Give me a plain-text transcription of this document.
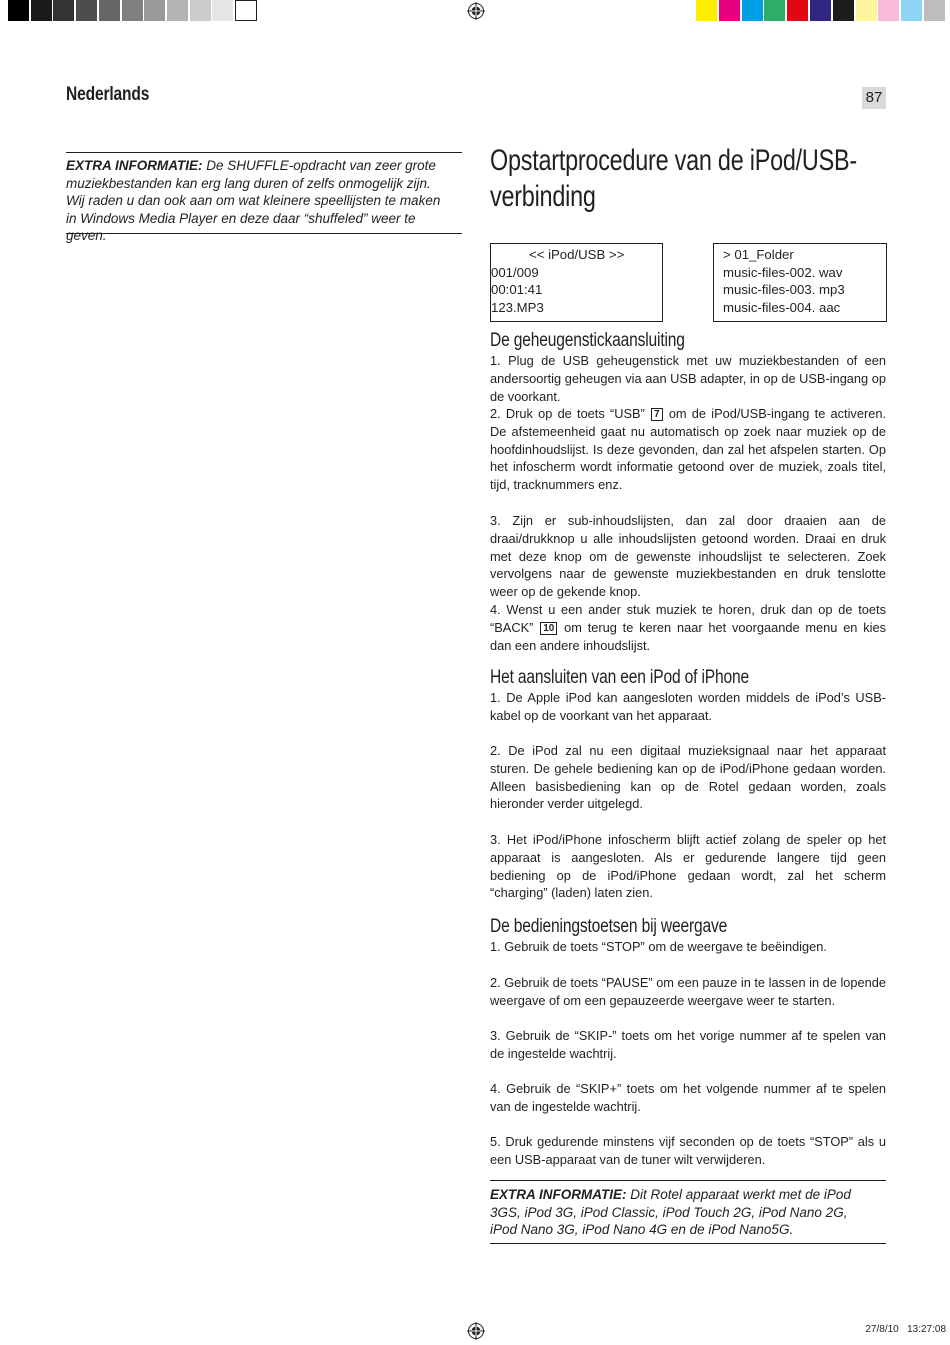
Nederlands	87
EXTRA INFORMATIE: De SHUFFLE-opdracht van zeer grote muziekbestanden kan erg lang duren of zelfs onmogelijk zijn. Wij raden u dan ook aan om wat kleinere speellijsten te maken in Windows Media Player en deze daar “shuffeled” weer te geven.
Opstartprocedure van de iPod/USB-verbinding
<< iPod/USB >>
001/009
00:01:41
123.MP3
> 01_Folder
music-files-002. wav
music-files-003. mp3
music-files-004. aac
De geheugenstickaansluiting

1. Plug de USB geheugenstick met uw muziekbestanden of een andersoortig geheugen via aan USB adapter, in op de USB-ingang op de voorkant.

2. Druk op de toets “USB” 7 om de iPod/USB-ingang te activeren. De afstemeenheid gaat nu automatisch op zoek naar muziek op de hoofdinhoudslijst. Is deze gevonden, dan zal het afspelen starten. Op het infoscherm wordt informatie getoond over de muziek, zoals titel, tijd, tracknummers enz.

3. Zijn er sub-inhoudslijsten, dan zal door draaien aan de draai/drukknop u alle inhoudslijsten getoond worden. Draai en druk met deze knop om de gewenste inhoudslijst te selecteren. Zoek vervolgens naar de gewenste muziekbestanden en druk tenslotte weer op de gekende knop.

4. Wenst u een ander stuk muziek te horen, druk dan op de toets “BACK” 10 om terug te keren naar het voorgaande menu en kies dan een andere inhoudslijst.

Het aansluiten van een iPod of iPhone

1. De Apple iPod kan aangesloten worden middels de iPod’s USB-kabel op de voorkant van het apparaat.

2. De iPod zal nu een digitaal muzieksignaal naar het apparaat sturen. De gehele bediening kan op de iPod/iPhone gedaan worden. Alleen basisbediening kan op de Rotel gedaan worden, zoals hieronder verder uitgelegd.

3. Het iPod/iPhone infoscherm blijft actief zolang de speler op het apparaat is aangesloten. Als er gedurende langere tijd geen bediening op de iPod/iPhone gedaan wordt, zal het scherm “charging” (laden) laten zien.

De bedieningstoetsen bij weergave

1. Gebruik de toets “STOP” om de weergave te beëindigen.

2. Gebruik de toets “PAUSE” om een pauze in te lassen in de lopende weergave of om een gepauzeerde weergave weer te starten.

3. Gebruik de “SKIP-” toets om het vorige nummer af te spelen van de ingestelde wachtrij.

4. Gebruik de “SKIP+” toets om het volgende nummer af te spelen van de ingestelde wachtrij.

5. Druk gedurende minstens vijf seconden op de toets “STOP” als u een USB-apparaat van de tuner wilt verwijderen.

EXTRA INFORMATIE: Dit Rotel apparaat werkt met de iPod 3GS, iPod 3G, iPod Classic, iPod Touch 2G, iPod Nano 2G, iPod Nano 3G, iPod Nano 4G en de iPod Nano5G.
27/8/10   13:27:08
